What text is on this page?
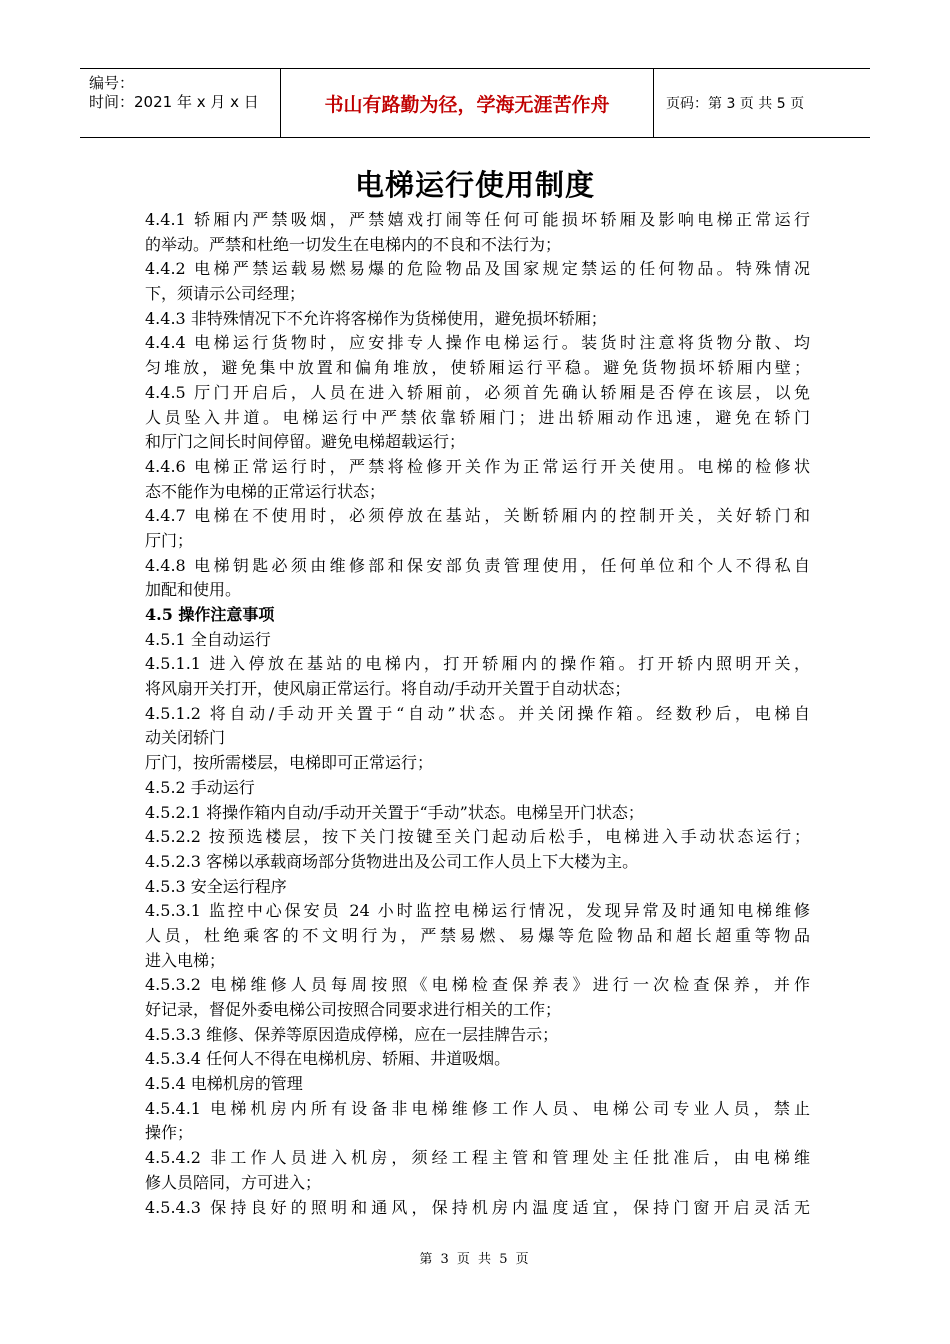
编号：
时间：2021 年 x 月 x 日	书山有路勤为径，学海无涯苦作舟	页码：第 3 页 共 5 页
电梯运行使用制度
4.4.1 轿厢内严禁吸烟，严禁嬉戏打闹等任何可能损坏轿厢及影响电梯正常运行
的举动。严禁和杜绝一切发生在电梯内的不良和不法行为；
4.4.2 电梯严禁运载易燃易爆的危险物品及国家规定禁运的任何物品。特殊情况
下，须请示公司经理；
4.4.3 非特殊情况下不允许将客梯作为货梯使用，避免损坏轿厢；
4.4.4 电梯运行货物时，应安排专人操作电梯运行。装货时注意将货物分散、均
匀堆放，避免集中放置和偏角堆放，使轿厢运行平稳。避免货物损坏轿厢内壁；
4.4.5 厅门开启后，人员在进入轿厢前，必须首先确认轿厢是否停在该层，以免
人员坠入井道。电梯运行中严禁依靠轿厢门；进出轿厢动作迅速，避免在轿门
和厅门之间长时间停留。避免电梯超载运行；
4.4.6 电梯正常运行时，严禁将检修开关作为正常运行开关使用。电梯的检修状
态不能作为电梯的正常运行状态；
4.4.7 电梯在不使用时，必须停放在基站，关断轿厢内的控制开关，关好轿门和
厅门；
4.4.8 电梯钥匙必须由维修部和保安部负责管理使用，任何单位和个人不得私自
加配和使用。
4.5 操作注意事项
4.5.1 全自动运行
4.5.1.1 进入停放在基站的电梯内，打开轿厢内的操作箱。打开轿内照明开关，
将风扇开关打开，使风扇正常运行。将自动/手动开关置于自动状态；
4.5.1.2 将自动/手动开关置于“自动”状态。并关闭操作箱。经数秒后，电梯自
动关闭轿门
厅门，按所需楼层，电梯即可正常运行；
4.5.2 手动运行
4.5.2.1 将操作箱内自动/手动开关置于“手动”状态。电梯呈开门状态；
4.5.2.2 按预选楼层，按下关门按键至关门起动后松手，电梯进入手动状态运行；
4.5.2.3 客梯以承载商场部分货物进出及公司工作人员上下大楼为主。
4.5.3 安全运行程序
4.5.3.1 监控中心保安员 24 小时监控电梯运行情况，发现异常及时通知电梯维修
人员，杜绝乘客的不文明行为，严禁易燃、易爆等危险物品和超长超重等物品
进入电梯；
4.5.3.2 电梯维修人员每周按照《电梯检查保养表》进行一次检查保养，并作
好记录，督促外委电梯公司按照合同要求进行相关的工作；
4.5.3.3 维修、保养等原因造成停梯，应在一层挂牌告示；
4.5.3.4 任何人不得在电梯机房、轿厢、井道吸烟。
4.5.4 电梯机房的管理
4.5.4.1 电梯机房内所有设备非电梯维修工作人员、电梯公司专业人员，禁止
操作；
4.5.4.2 非工作人员进入机房，须经工程主管和管理处主任批准后，由电梯维
修人员陪同，方可进入；
4.5.4.3 保持良好的照明和通风，保持机房内温度适宜，保持门窗开启灵活无
第 3 页 共 5 页
